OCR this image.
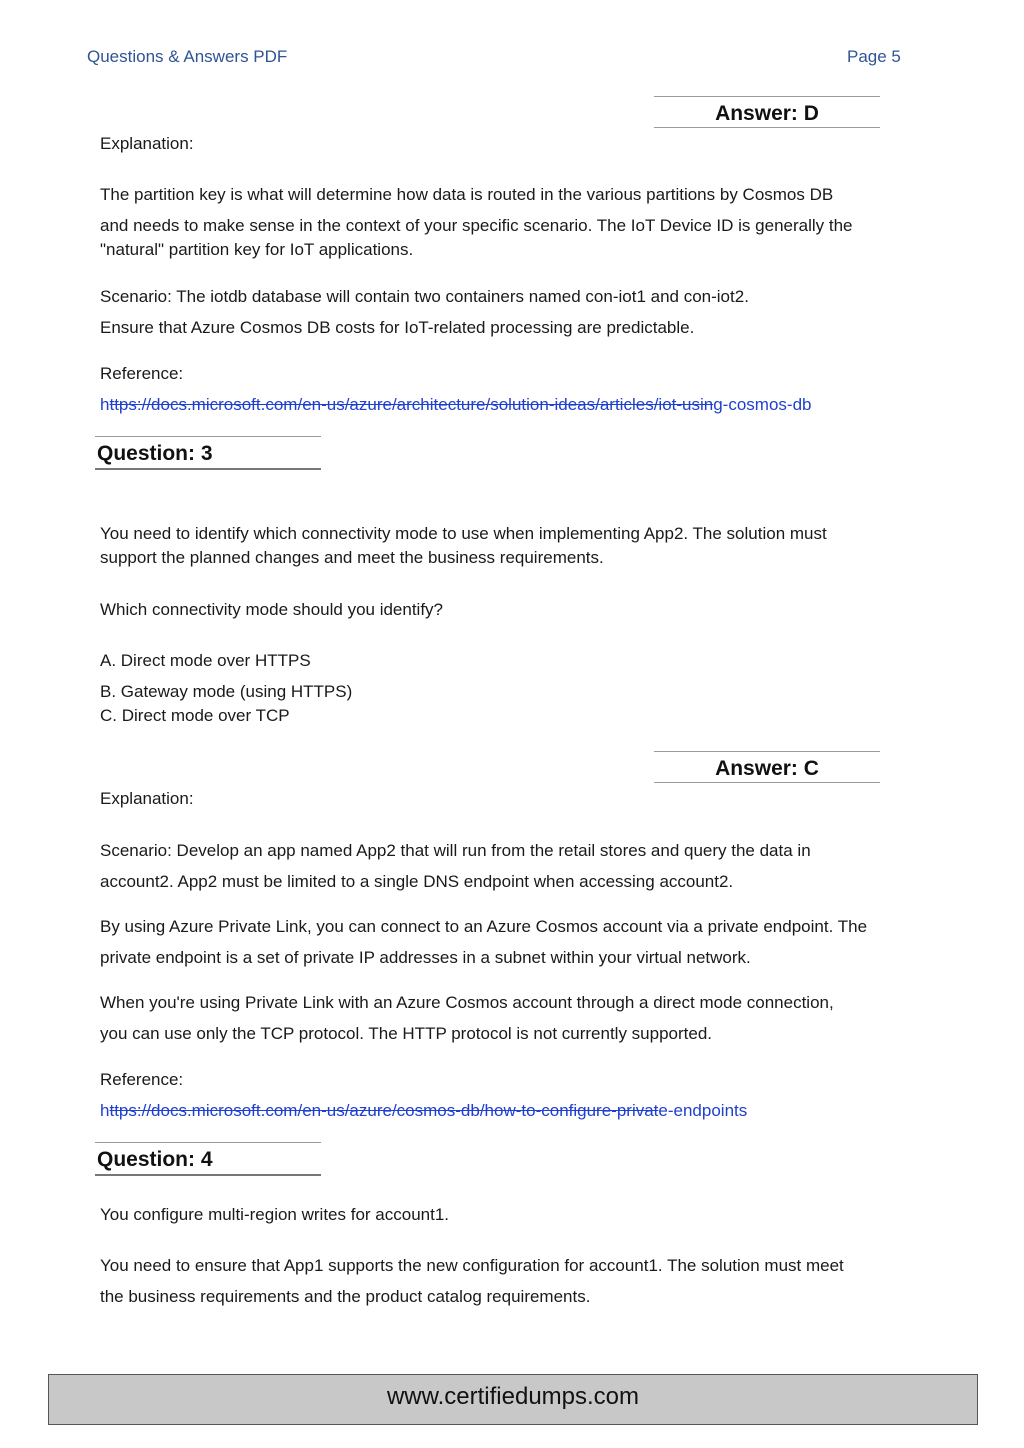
Questions & Answers PDF	Page 5
Answer: D
Explanation:
The partition key is what will determine how data is routed in the various partitions by Cosmos DB
and needs to make sense in the context of your specific scenario. The IoT Device ID is generally the
"natural" partition key for IoT applications.
Scenario: The iotdb database will contain two containers named con-iot1 and con-iot2.
Ensure that Azure Cosmos DB costs for IoT-related processing are predictable.
Reference:
https://docs.microsoft.com/en-us/azure/architecture/solution-ideas/articles/iot-using-cosmos-db
Question: 3
You need to identify which connectivity mode to use when implementing App2. The solution must
support the planned changes and meet the business requirements.
Which connectivity mode should you identify?
A. Direct mode over HTTPS
B. Gateway mode (using HTTPS)
C. Direct mode over TCP
Answer: C
Explanation:
Scenario: Develop an app named App2 that will run from the retail stores and query the data in
account2. App2 must be limited to a single DNS endpoint when accessing account2.
By using Azure Private Link, you can connect to an Azure Cosmos account via a private endpoint. The
private endpoint is a set of private IP addresses in a subnet within your virtual network.
When you're using Private Link with an Azure Cosmos account through a direct mode connection,
you can use only the TCP protocol. The HTTP protocol is not currently supported.
Reference:
https://docs.microsoft.com/en-us/azure/cosmos-db/how-to-configure-private-endpoints
Question: 4
You configure multi-region writes for account1.
You need to ensure that App1 supports the new configuration for account1. The solution must meet
the business requirements and the product catalog requirements.
www.certifiedumps.com
